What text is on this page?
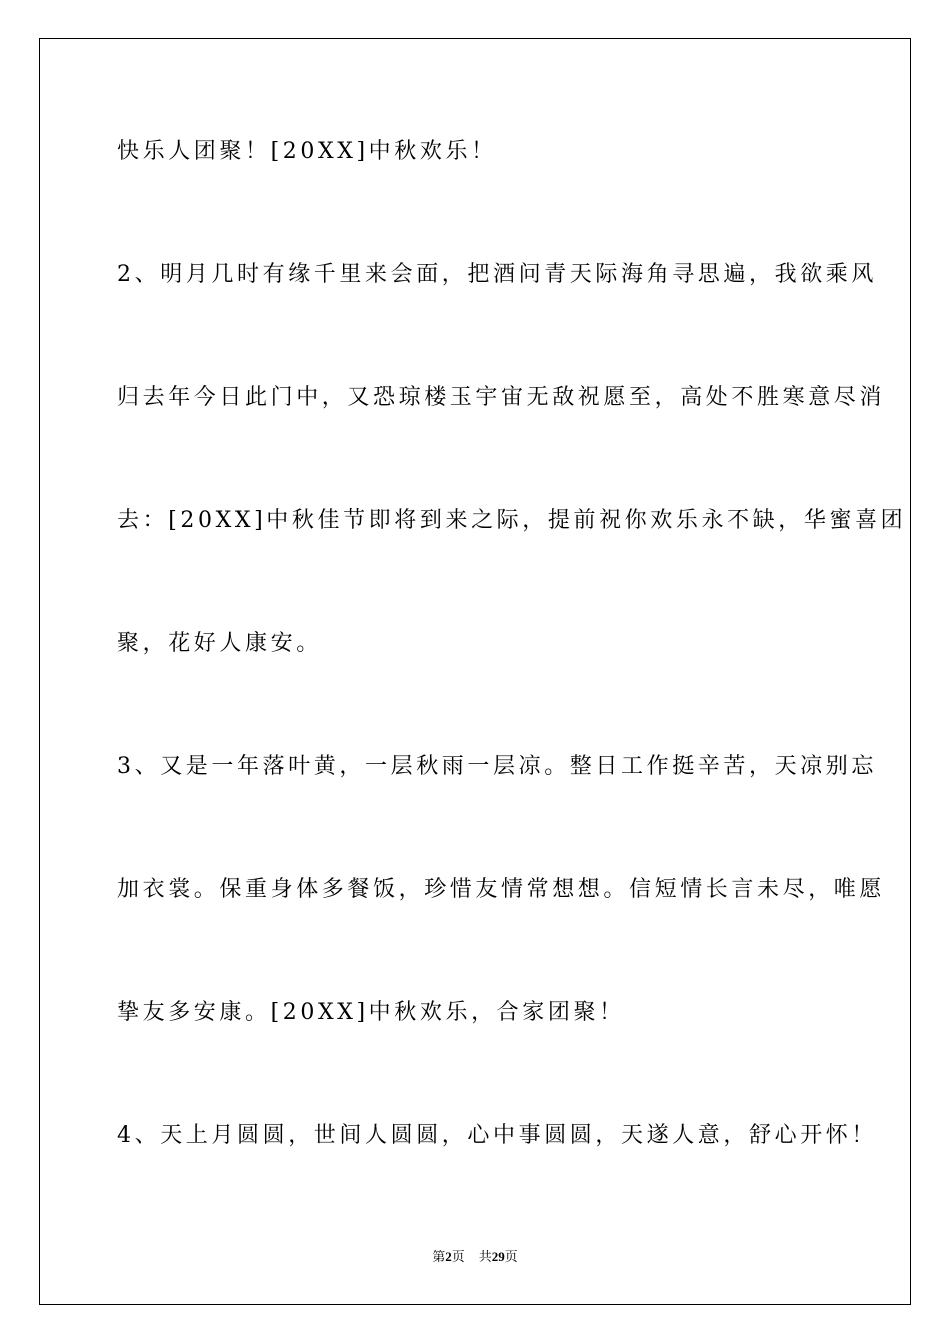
快乐人团聚！[20XX]中秋欢乐！
2、明月几时有缘千里来会面，把酒问青天际海角寻思遍，我欲乘风
归去年今日此门中，又恐琼楼玉宇宙无敌祝愿至，高处不胜寒意尽消
去：[20XX]中秋佳节即将到来之际，提前祝你欢乐永不缺，华蜜喜团
聚，花好人康安。
3、又是一年落叶黄，一层秋雨一层凉。整日工作挺辛苦，天凉别忘
加衣裳。保重身体多餐饭，珍惜友情常想想。信短情长言未尽，唯愿
挚友多安康。[20XX]中秋欢乐，合家团聚！
4、天上月圆圆，世间人圆圆，心中事圆圆，天遂人意，舒心开怀！
第2页 共29页
